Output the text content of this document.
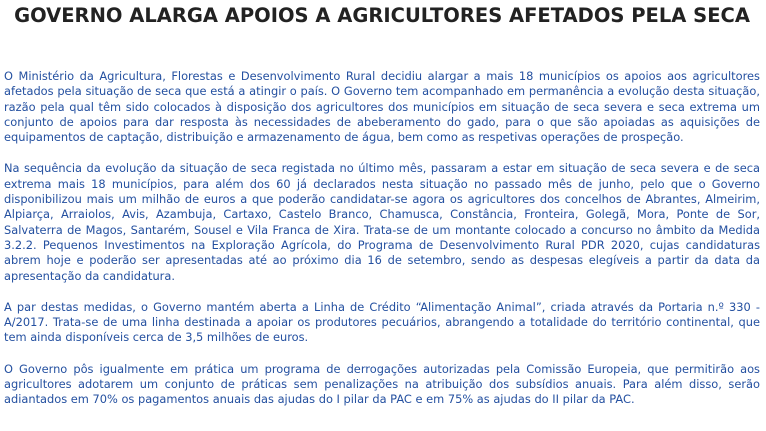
GOVERNO ALARGA APOIOS A AGRICULTORES AFETADOS PELA SECA

O Ministério da Agricultura, Florestas e Desenvolvimento Rural decidiu alargar a mais 18 municípios os apoios aos agricultores afetados pela situação de seca que está a atingir o país. O Governo tem acompanhado em permanência a evolução desta situação, razão pela qual têm sido colocados à disposição dos agricultores dos municípios em situação de seca severa e seca extrema um conjunto de apoios para dar resposta às necessidades de abeberamento do gado, para o que são apoiadas as aquisições de equipamentos de captação, distribuição e armazenamento de água, bem como as respetivas operações de prospeção.

Na sequência da evolução da situação de seca registada no último mês, passaram a estar em situação de seca severa e de seca extrema mais 18 municípios, para além dos 60 já declarados nesta situação no passado mês de junho, pelo que o Governo disponibilizou mais um milhão de euros a que poderão candidatar-se agora os agricultores dos concelhos de Abrantes, Almeirim, Alpiarça, Arraiolos, Avis, Azambuja, Cartaxo, Castelo Branco, Chamusca, Constância, Fronteira, Golegã, Mora, Ponte de Sor, Salvaterra de Magos, Santarém, Sousel e Vila Franca de Xira. Trata-se de um montante colocado a concurso no âmbito da Medida 3.2.2. Pequenos Investimentos na Exploração Agrícola, do Programa de Desenvolvimento Rural PDR 2020, cujas candidaturas abrem hoje e poderão ser apresentadas até ao próximo dia 16 de setembro, sendo as despesas elegíveis a partir da data da apresentação da candidatura.

A par destas medidas, o Governo mantém aberta a Linha de Crédito “Alimentação Animal”, criada através da Portaria n.º 330 - A/2017. Trata-se de uma linha destinada a apoiar os produtores pecuários, abrangendo a totalidade do território continental, que tem ainda disponíveis cerca de 3,5 milhões de euros.

O Governo pôs igualmente em prática um programa de derrogações autorizadas pela Comissão Europeia, que permitirão aos agricultores adotarem um conjunto de práticas sem penalizações na atribuição dos subsídios anuais. Para além disso, serão adiantados em 70% os pagamentos anuais das ajudas do I pilar da PAC e em 75% as ajudas do II pilar da PAC.
